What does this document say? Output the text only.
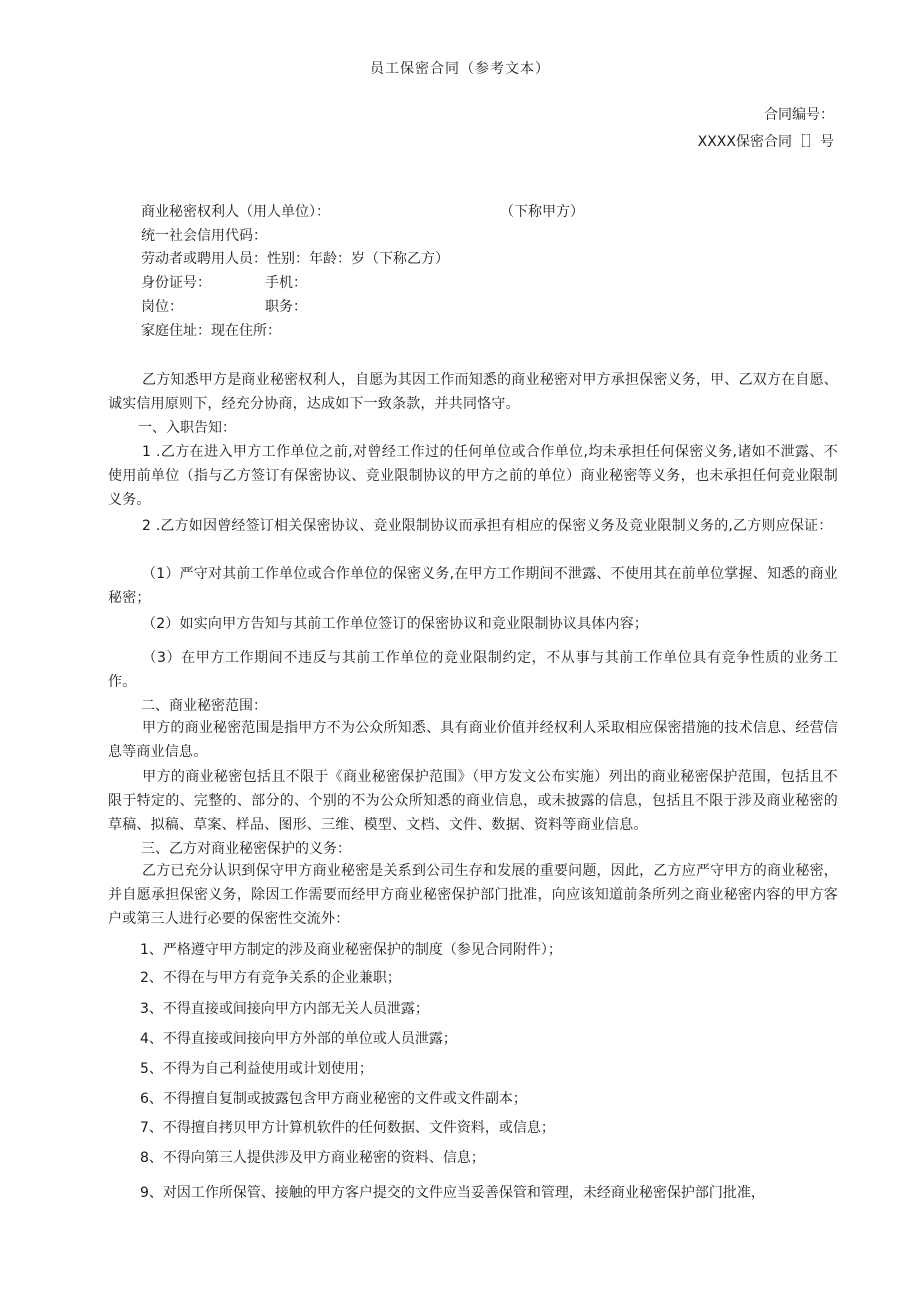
员工保密合同（参考文本）
合同编号：
XXXX保密合同［］号
商业秘密权利人（用人单位）：	（下称甲方）
统一社会信用代码：
劳动者或聘用人员：性别：年龄：岁（下称乙方）
身份证号：	手机：
岗位：	职务：
家庭住址：现在住所：
乙方知悉甲方是商业秘密权利人，自愿为其因工作而知悉的商业秘密对甲方承担保密义务，甲、乙双方在自愿、诚实信用原则下，经充分协商，达成如下一致条款，并共同恪守。
一、入职告知：
1 .乙方在进入甲方工作单位之前,对曾经工作过的任何单位或合作单位,均未承担任何保密义务,诸如不泄露、不使用前单位（指与乙方签订有保密协议、竞业限制协议的甲方之前的单位）商业秘密等义务，也未承担任何竞业限制义务。
2 .乙方如因曾经签订相关保密协议、竞业限制协议而承担有相应的保密义务及竞业限制义务的,乙方则应保证：
（1）严守对其前工作单位或合作单位的保密义务,在甲方工作期间不泄露、不使用其在前单位掌握、知悉的商业秘密；
（2）如实向甲方告知与其前工作单位签订的保密协议和竞业限制协议具体内容；
（3）在甲方工作期间不违反与其前工作单位的竞业限制约定，不从事与其前工作单位具有竞争性质的业务工作。
二、商业秘密范围：
甲方的商业秘密范围是指甲方不为公众所知悉、具有商业价值并经权利人采取相应保密措施的技术信息、经营信息等商业信息。
甲方的商业秘密包括且不限于《商业秘密保护范围》（甲方发文公布实施）列出的商业秘密保护范围，包括且不限于特定的、完整的、部分的、个别的不为公众所知悉的商业信息，或未披露的信息，包括且不限于涉及商业秘密的草稿、拟稿、草案、样品、图形、三维、模型、文档、文件、数据、资料等商业信息。
三、乙方对商业秘密保护的义务：
乙方已充分认识到保守甲方商业秘密是关系到公司生存和发展的重要问题，因此，乙方应严守甲方的商业秘密，并自愿承担保密义务，除因工作需要而经甲方商业秘密保护部门批准，向应该知道前条所列之商业秘密内容的甲方客户或第三人进行必要的保密性交流外：
1、严格遵守甲方制定的涉及商业秘密保护的制度（参见合同附件）；
2、不得在与甲方有竞争关系的企业兼职；
3、不得直接或间接向甲方内部无关人员泄露；
4、不得直接或间接向甲方外部的单位或人员泄露；
5、不得为自己利益使用或计划使用；
6、不得擅自复制或披露包含甲方商业秘密的文件或文件副本；
7、不得擅自拷贝甲方计算机软件的任何数据、文件资料，或信息；
8、不得向第三人提供涉及甲方商业秘密的资料、信息；
9、对因工作所保管、接触的甲方客户提交的文件应当妥善保管和管理，未经商业秘密保护部门批准，
